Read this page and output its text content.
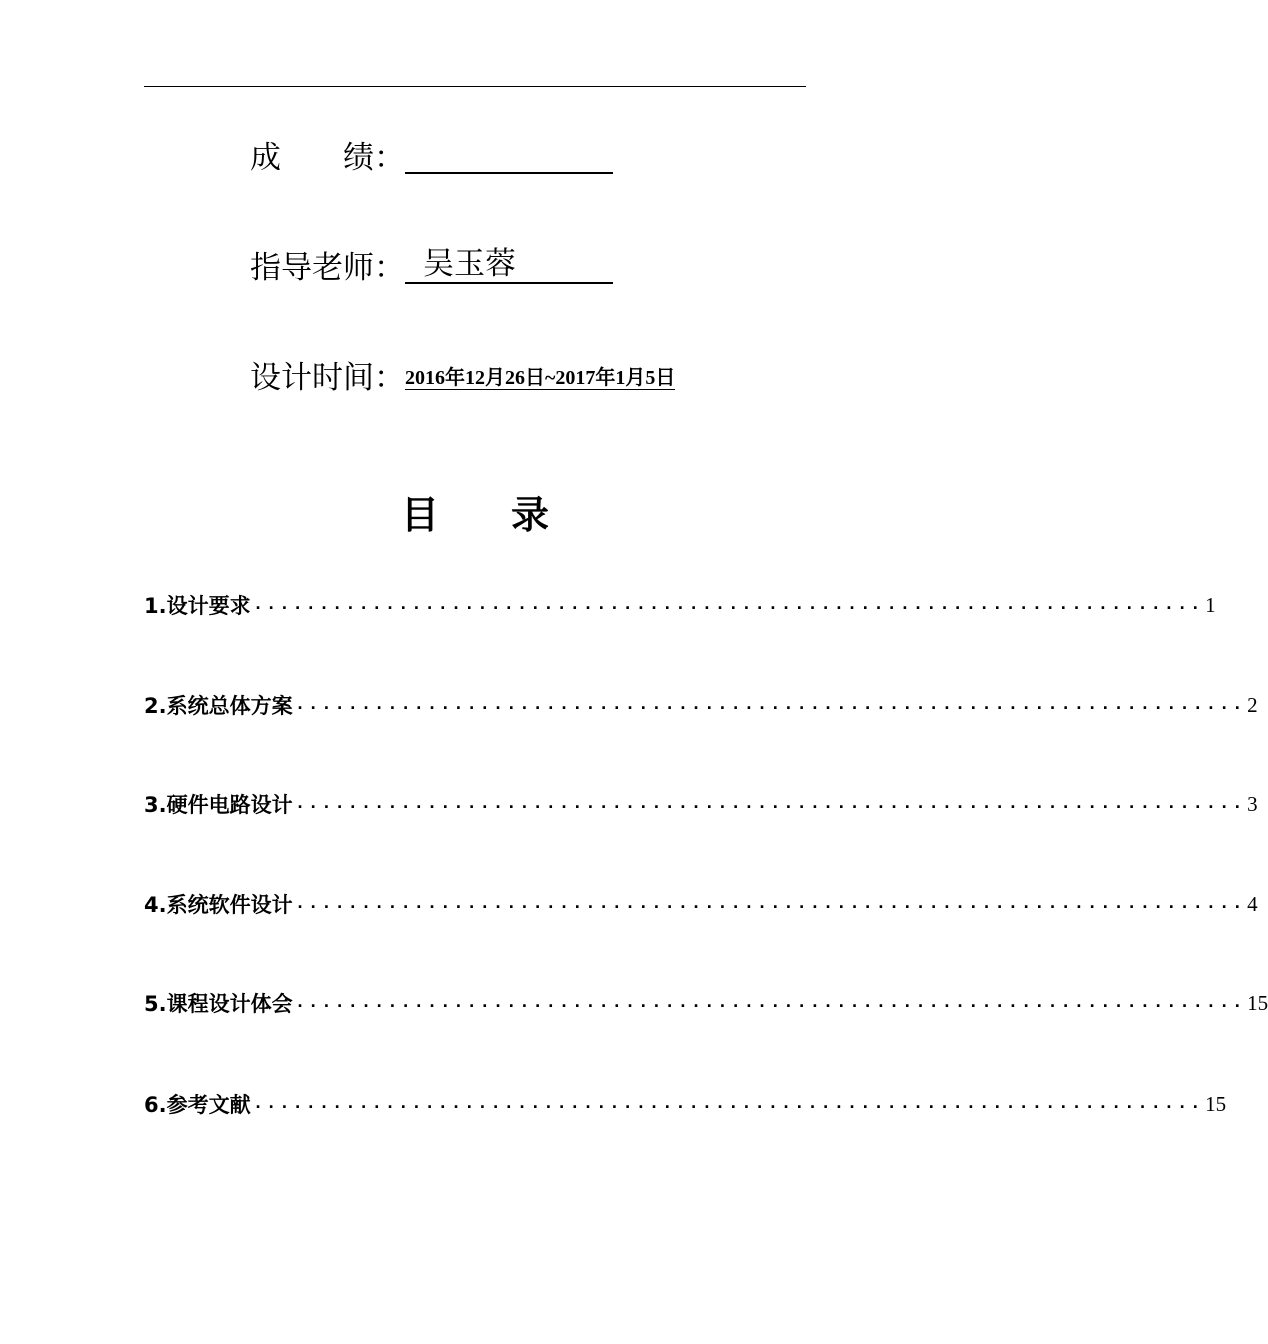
成　　绩：
指导老师： 吴玉蓉
设计时间： 2016年12月26日~2017年1月5日
目 录
1.设计要求 ........................................................................ 1
2.系统总体方案 ........................................................................ 2
3.硬件电路设计 ........................................................................ 3
4.系统软件设计 ........................................................................ 4
5.课程设计体会 ........................................................................ 15
6.参考文献 ........................................................................ 15
